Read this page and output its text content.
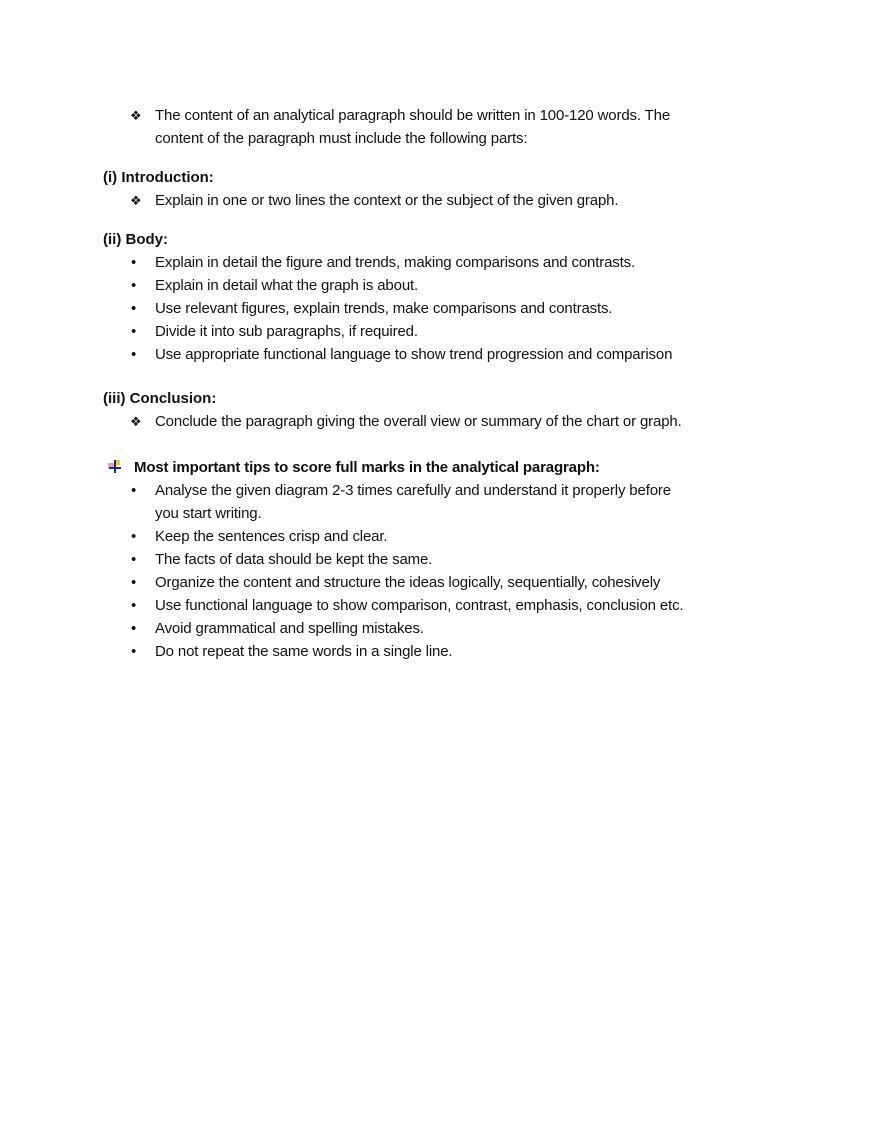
❖ The content of an analytical paragraph should be written in 100-120 words. The
content of the paragraph must include the following parts:
(i) Introduction:
❖ Explain in one or two lines the context or the subject of the given graph.
(ii) Body:
• Explain in detail the figure and trends, making comparisons and contrasts.
• Explain in detail what the graph is about.
• Use relevant figures, explain trends, make comparisons and contrasts.
• Divide it into sub paragraphs, if required.
• Use appropriate functional language to show trend progression and comparison
(iii) Conclusion:
❖ Conclude the paragraph giving the overall view or summary of the chart or graph.
Most important tips to score full marks in the analytical paragraph:
• Analyse the given diagram 2-3 times carefully and understand it properly before
you start writing.
• Keep the sentences crisp and clear.
• The facts of data should be kept the same.
• Organize the content and structure the ideas logically, sequentially, cohesively
• Use functional language to show comparison, contrast, emphasis, conclusion etc.
• Avoid grammatical and spelling mistakes.
• Do not repeat the same words in a single line.
